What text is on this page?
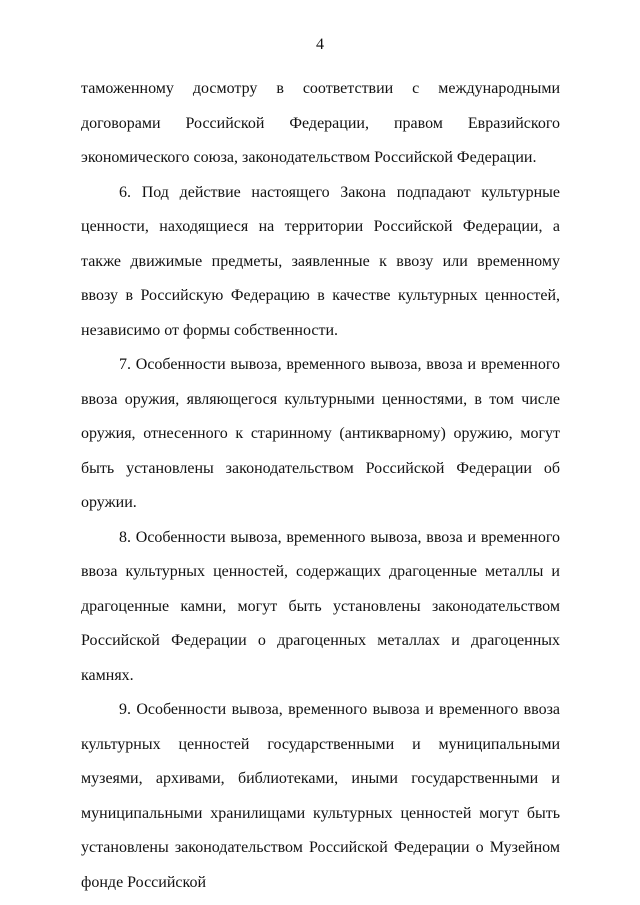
4

таможенному досмотру в соответствии с международными договорами Российской Федерации, правом Евразийского экономического союза, законодательством Российской Федерации.

6. Под действие настоящего Закона подпадают культурные ценности, находящиеся на территории Российской Федерации, а также движимые предметы, заявленные к ввозу или временному ввозу в Российскую Федерацию в качестве культурных ценностей, независимо от формы собственности.

7. Особенности вывоза, временного вывоза, ввоза и временного ввоза оружия, являющегося культурными ценностями, в том числе оружия, отнесенного к старинному (антикварному) оружию, могут быть установлены законодательством Российской Федерации об оружии.

8. Особенности вывоза, временного вывоза, ввоза и временного ввоза культурных ценностей, содержащих драгоценные металлы и драгоценные камни, могут быть установлены законодательством Российской Федерации о драгоценных металлах и драгоценных камнях.

9. Особенности вывоза, временного вывоза и временного ввоза культурных ценностей государственными и муниципальными музеями, архивами, библиотеками, иными государственными и муниципальными хранилищами культурных ценностей могут быть установлены законодательством Российской Федерации о Музейном фонде Российской
